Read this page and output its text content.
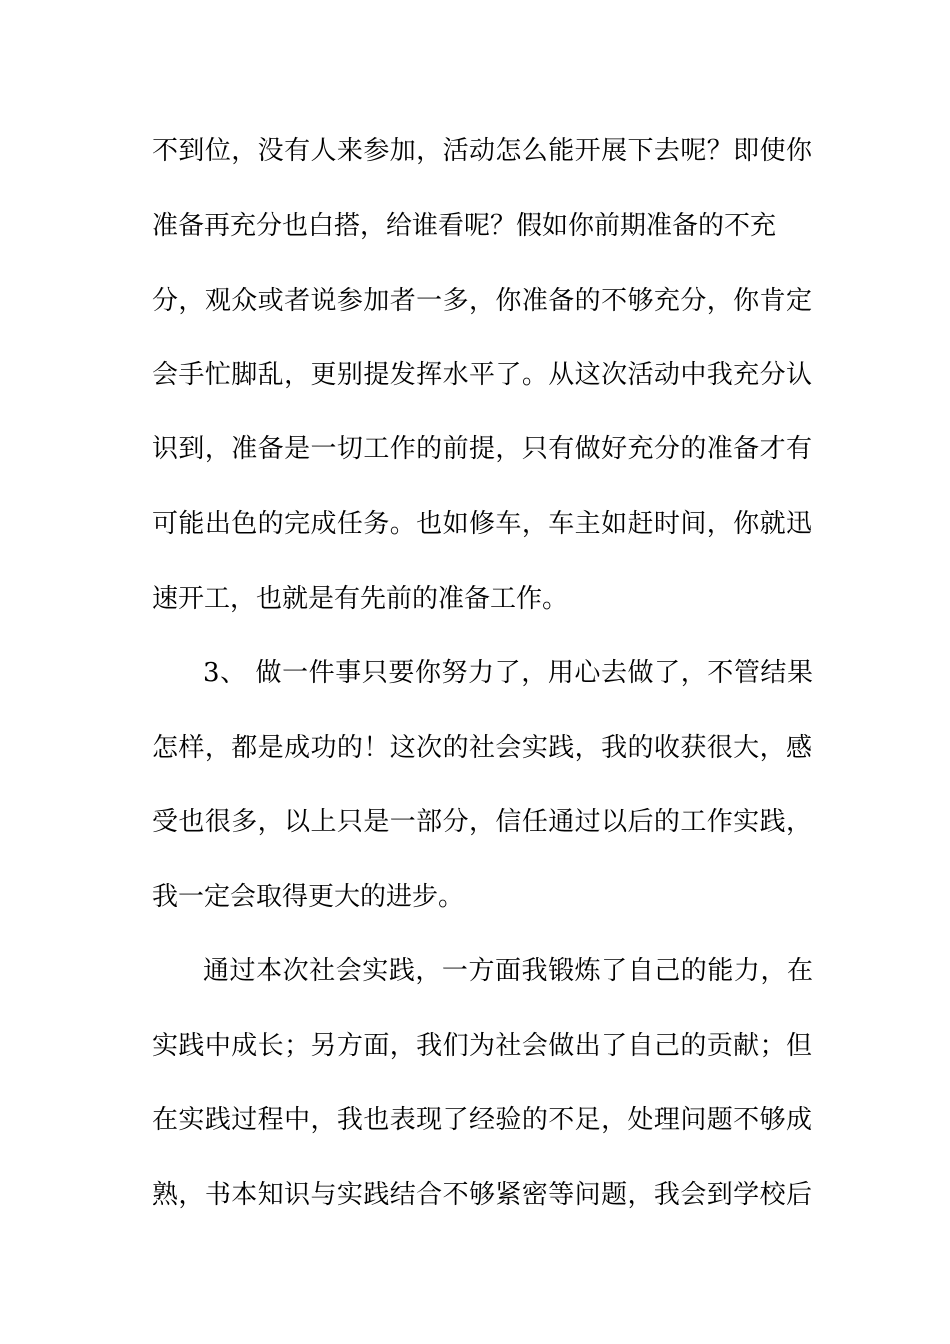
不到位，没有人来参加，活动怎么能开展下去呢？即使你
准备再充分也白搭，给谁看呢？假如你前期准备的不充
分，观众或者说参加者一多，你准备的不够充分，你肯定
会手忙脚乱，更别提发挥水平了。从这次活动中我充分认
识到，准备是一切工作的前提，只有做好充分的准备才有
可能出色的完成任务。也如修车，车主如赶时间，你就迅
速开工，也就是有先前的准备工作。
3、 做一件事只要你努力了，用心去做了，不管结果
怎样，都是成功的！这次的社会实践，我的收获很大，感
受也很多，以上只是一部分，信任通过以后的工作实践，
我一定会取得更大的进步。
通过本次社会实践，一方面我锻炼了自己的能力，在
实践中成长；另方面，我们为社会做出了自己的贡献；但
在实践过程中，我也表现了经验的不足，处理问题不够成
熟，书本知识与实践结合不够紧密等问题，我会到学校后
